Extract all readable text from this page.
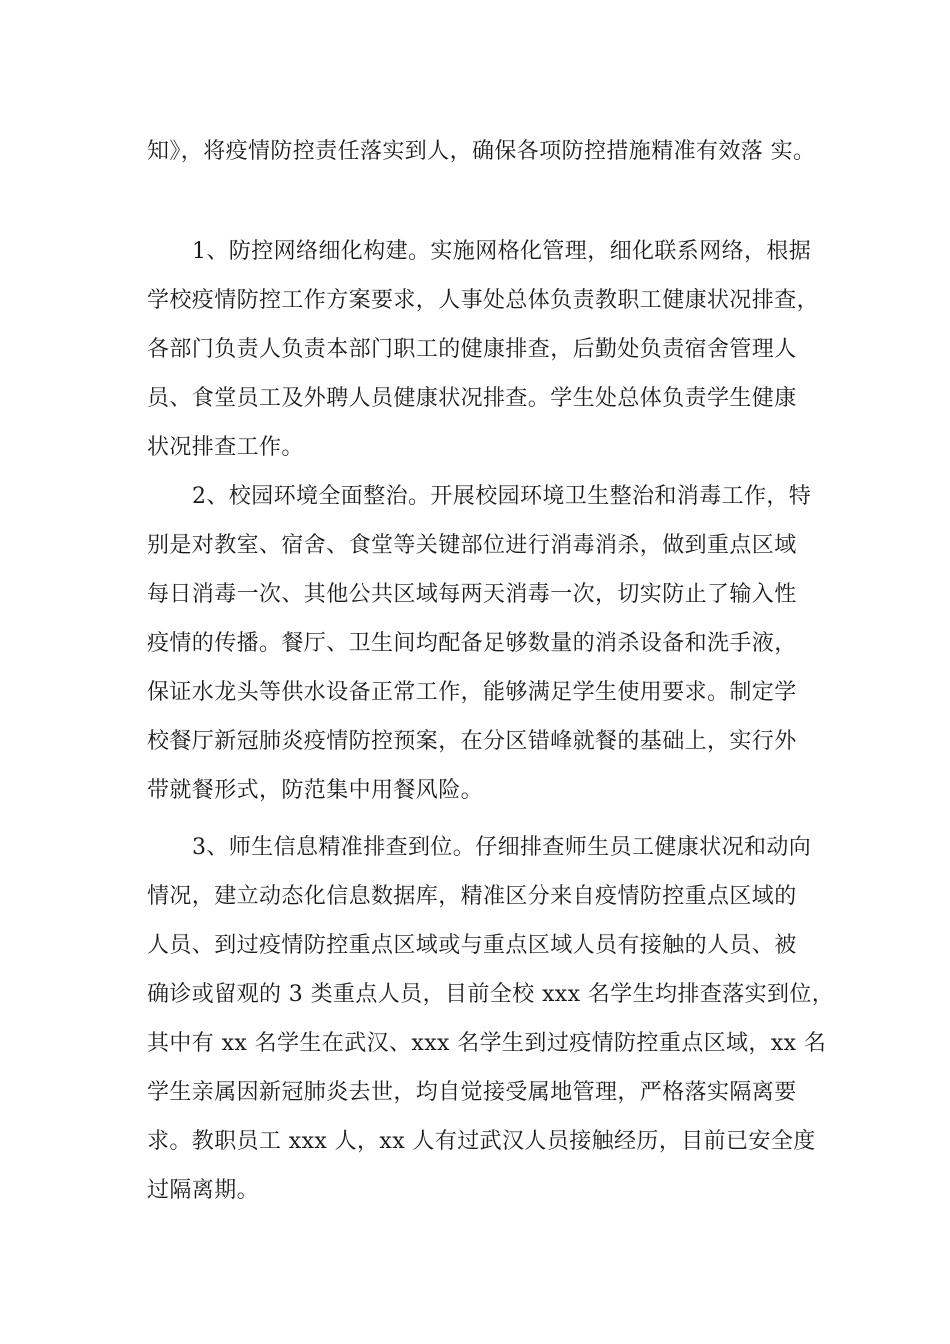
知》，将疫情防控责任落实到人，确保各项防控措施精准有效落 实。
1、防控网络细化构建。实施网格化管理，细化联系网络，根据
学校疫情防控工作方案要求，人事处总体负责教职工健康状况排查，
各部门负责人负责本部门职工的健康排查，后勤处负责宿舍管理人
员、食堂员工及外聘人员健康状况排查。学生处总体负责学生健康
状况排查工作。
2、校园环境全面整治。开展校园环境卫生整治和消毒工作，特
别是对教室、宿舍、食堂等关键部位进行消毒消杀，做到重点区域
每日消毒一次、其他公共区域每两天消毒一次，切实防止了输入性
疫情的传播。餐厅、卫生间均配备足够数量的消杀设备和洗手液，
保证水龙头等供水设备正常工作，能够满足学生使用要求。制定学
校餐厅新冠肺炎疫情防控预案，在分区错峰就餐的基础上，实行外
带就餐形式，防范集中用餐风险。
3、师生信息精准排查到位。仔细排查师生员工健康状况和动向
情况，建立动态化信息数据库，精准区分来自疫情防控重点区域的
人员、到过疫情防控重点区域或与重点区域人员有接触的人员、被
确诊或留观的 3 类重点人员，目前全校 xxx 名学生均排查落实到位，
其中有 xx 名学生在武汉、xxx 名学生到过疫情防控重点区域，xx 名
学生亲属因新冠肺炎去世，均自觉接受属地管理，严格落实隔离要
求。教职员工 xxx 人，xx 人有过武汉人员接触经历，目前已安全度
过隔离期。
